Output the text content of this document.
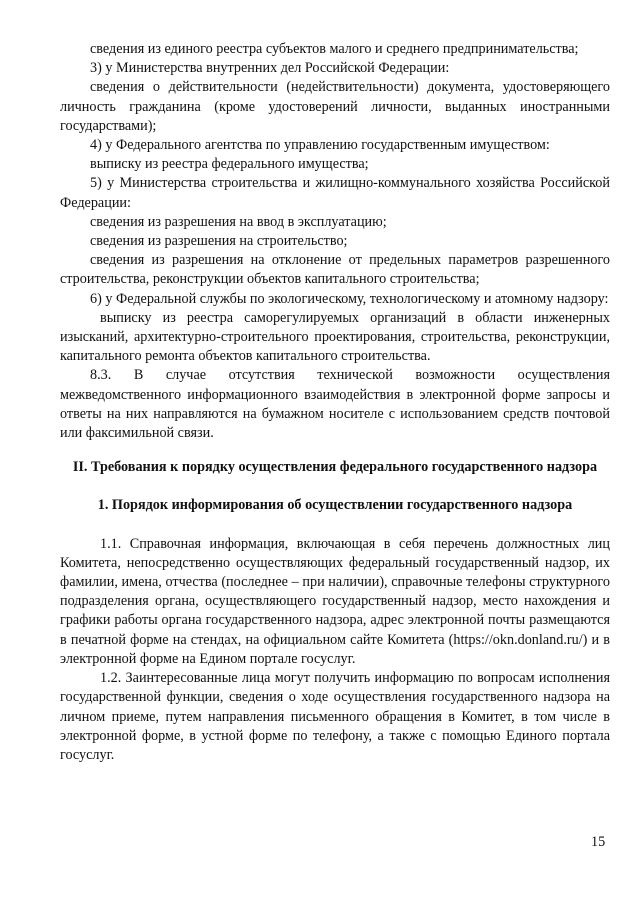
сведения из единого реестра субъектов малого и среднего предпринимательства;

3) у Министерства внутренних дел Российской Федерации:

сведения о действительности (недействительности) документа, удостоверяющего личность гражданина (кроме удостоверений личности, выданных иностранными государствами);

4) у Федерального агентства по управлению государственным имуществом:

выписку из реестра федерального имущества;

5) у Министерства строительства и жилищно-коммунального хозяйства Российской Федерации:

сведения из разрешения на ввод в эксплуатацию;

сведения из разрешения на строительство;

сведения из разрешения на отклонение от предельных параметров разрешенного строительства, реконструкции объектов капитального строительства;

6) у Федеральной службы по экологическому, технологическому и атомному надзору:

выписку из реестра саморегулируемых организаций в области инженерных изысканий, архитектурно-строительного проектирования, строительства, реконструкции, капитального ремонта объектов капитального строительства.

8.3. В случае отсутствия технической возможности осуществления межведомственного информационного взаимодействия в электронной форме запросы и ответы на них направляются на бумажном носителе с использованием средств почтовой или факсимильной связи.

II. Требования к порядку осуществления федерального государственного надзора

1. Порядок информирования об осуществлении государственного надзора

1.1. Справочная информация, включающая в себя перечень должностных лиц Комитета, непосредственно осуществляющих федеральный государственный надзор, их фамилии, имена, отчества (последнее – при наличии), справочные телефоны структурного подразделения органа, осуществляющего государственный надзор, место нахождения и графики работы органа государственного надзора, адрес электронной почты размещаются в печатной форме на стендах, на официальном сайте Комитета (https://okn.donland.ru/) и в электронной форме на Едином портале госуслуг.

1.2. Заинтересованные лица могут получить информацию по вопросам исполнения государственной функции, сведения о ходе осуществления государственного надзора на личном приеме, путем направления письменного обращения в Комитет, в том числе в электронной форме, в устной форме по телефону, а также с помощью Единого портала госуслуг.

15
